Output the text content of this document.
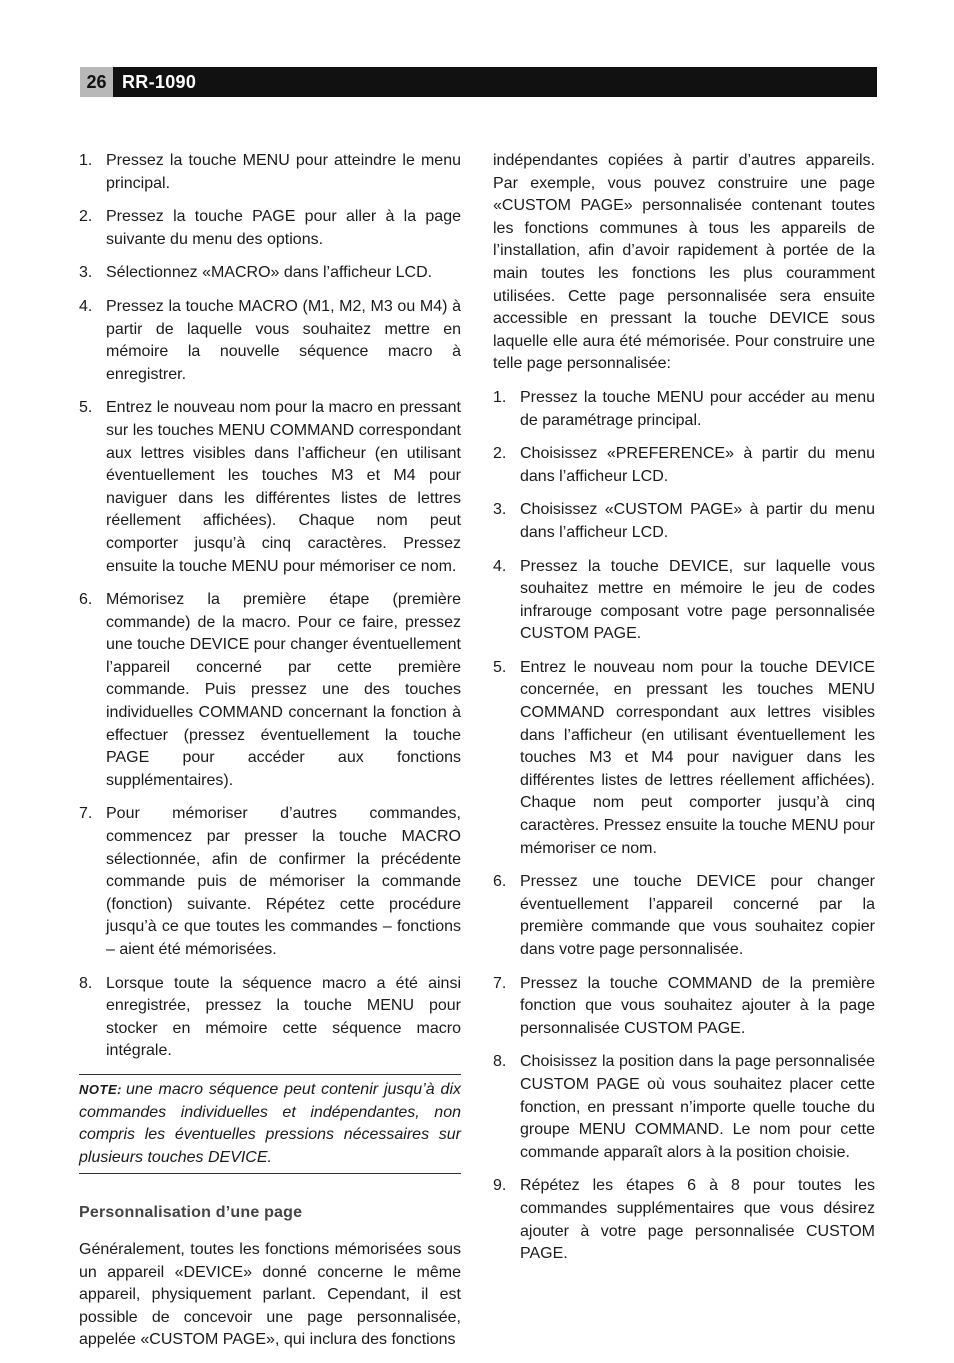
26 RR-1090
1. Pressez la touche MENU pour atteindre le menu principal.
2. Pressez la touche PAGE pour aller à la page suivante du menu des options.
3. Sélectionnez «MACRO» dans l’afficheur LCD.
4. Pressez la touche MACRO (M1, M2, M3 ou M4) à partir de laquelle vous souhaitez mettre en mémoire la nouvelle séquence macro à enregistrer.
5. Entrez le nouveau nom pour la macro en pressant sur les touches MENU COMMAND correspondant aux lettres visibles dans l’afficheur (en utilisant éventuellement les touches M3 et M4 pour naviguer dans les différentes listes de lettres réellement affichées). Chaque nom peut comporter jusqu’à cinq caractères. Pressez ensuite la touche MENU pour mémoriser ce nom.
6. Mémorisez la première étape (première commande) de la macro. Pour ce faire, pressez une touche DEVICE pour changer éventuellement l’appareil concerné par cette première commande. Puis pressez une des touches individuelles COMMAND concernant la fonction à effectuer (pressez éventuellement la touche PAGE pour accéder aux fonctions supplémentaires).
7. Pour mémoriser d’autres commandes, commencez par presser la touche MACRO sélectionnée, afin de confirmer la précédente commande puis de mémoriser la commande (fonction) suivante. Répétez cette procédure jusqu’à ce que toutes les commandes – fonctions – aient été mémorisées.
8. Lorsque toute la séquence macro a été ainsi enregistrée, pressez la touche MENU pour stocker en mémoire cette séquence macro intégrale.
NOTE: une macro séquence peut contenir jusqu’à dix commandes individuelles et indépendantes, non compris les éventuelles pressions nécessaires sur plusieurs touches DEVICE.
Personnalisation d’une page

Généralement, toutes les fonctions mémorisées sous un appareil «DEVICE» donné concerne le même appareil, physiquement parlant. Cependant, il est possible de concevoir une page personnalisée, appelée «CUSTOM PAGE», qui inclura des fonctions

indépendantes copiées à partir d’autres appareils. Par exemple, vous pouvez construire une page «CUSTOM PAGE» personnalisée contenant toutes les fonctions communes à tous les appareils de l’installation, afin d’avoir rapidement à portée de la main toutes les fonctions les plus couramment utilisées. Cette page personnalisée sera ensuite accessible en pressant la touche DEVICE sous laquelle elle aura été mémorisée. Pour construire une telle page personnalisée:

1. Pressez la touche MENU pour accéder au menu de paramétrage principal.
2. Choisissez «PREFERENCE» à partir du menu dans l’afficheur LCD.
3. Choisissez «CUSTOM PAGE» à partir du menu dans l’afficheur LCD.
4. Pressez la touche DEVICE, sur laquelle vous souhaitez mettre en mémoire le jeu de codes infrarouge composant votre page personnalisée CUSTOM PAGE.
5. Entrez le nouveau nom pour la touche DEVICE concernée, en pressant les touches MENU COMMAND correspondant aux lettres visibles dans l’afficheur (en utilisant éventuellement les touches M3 et M4 pour naviguer dans les différentes listes de lettres réellement affichées). Chaque nom peut comporter jusqu’à cinq caractères. Pressez ensuite la touche MENU pour mémoriser ce nom.
6. Pressez une touche DEVICE pour changer éventuellement l’appareil concerné par la première commande que vous souhaitez copier dans votre page personnalisée.
7. Pressez la touche COMMAND de la première fonction que vous souhaitez ajouter à la page personnalisée CUSTOM PAGE.
8. Choisissez la position dans la page personnalisée CUSTOM PAGE où vous souhaitez placer cette fonction, en pressant n’importe quelle touche du groupe MENU COMMAND. Le nom pour cette commande apparaît alors à la position choisie.
9. Répétez les étapes 6 à 8 pour toutes les commandes supplémentaires que vous désirez ajouter à votre page personnalisée CUSTOM PAGE.
